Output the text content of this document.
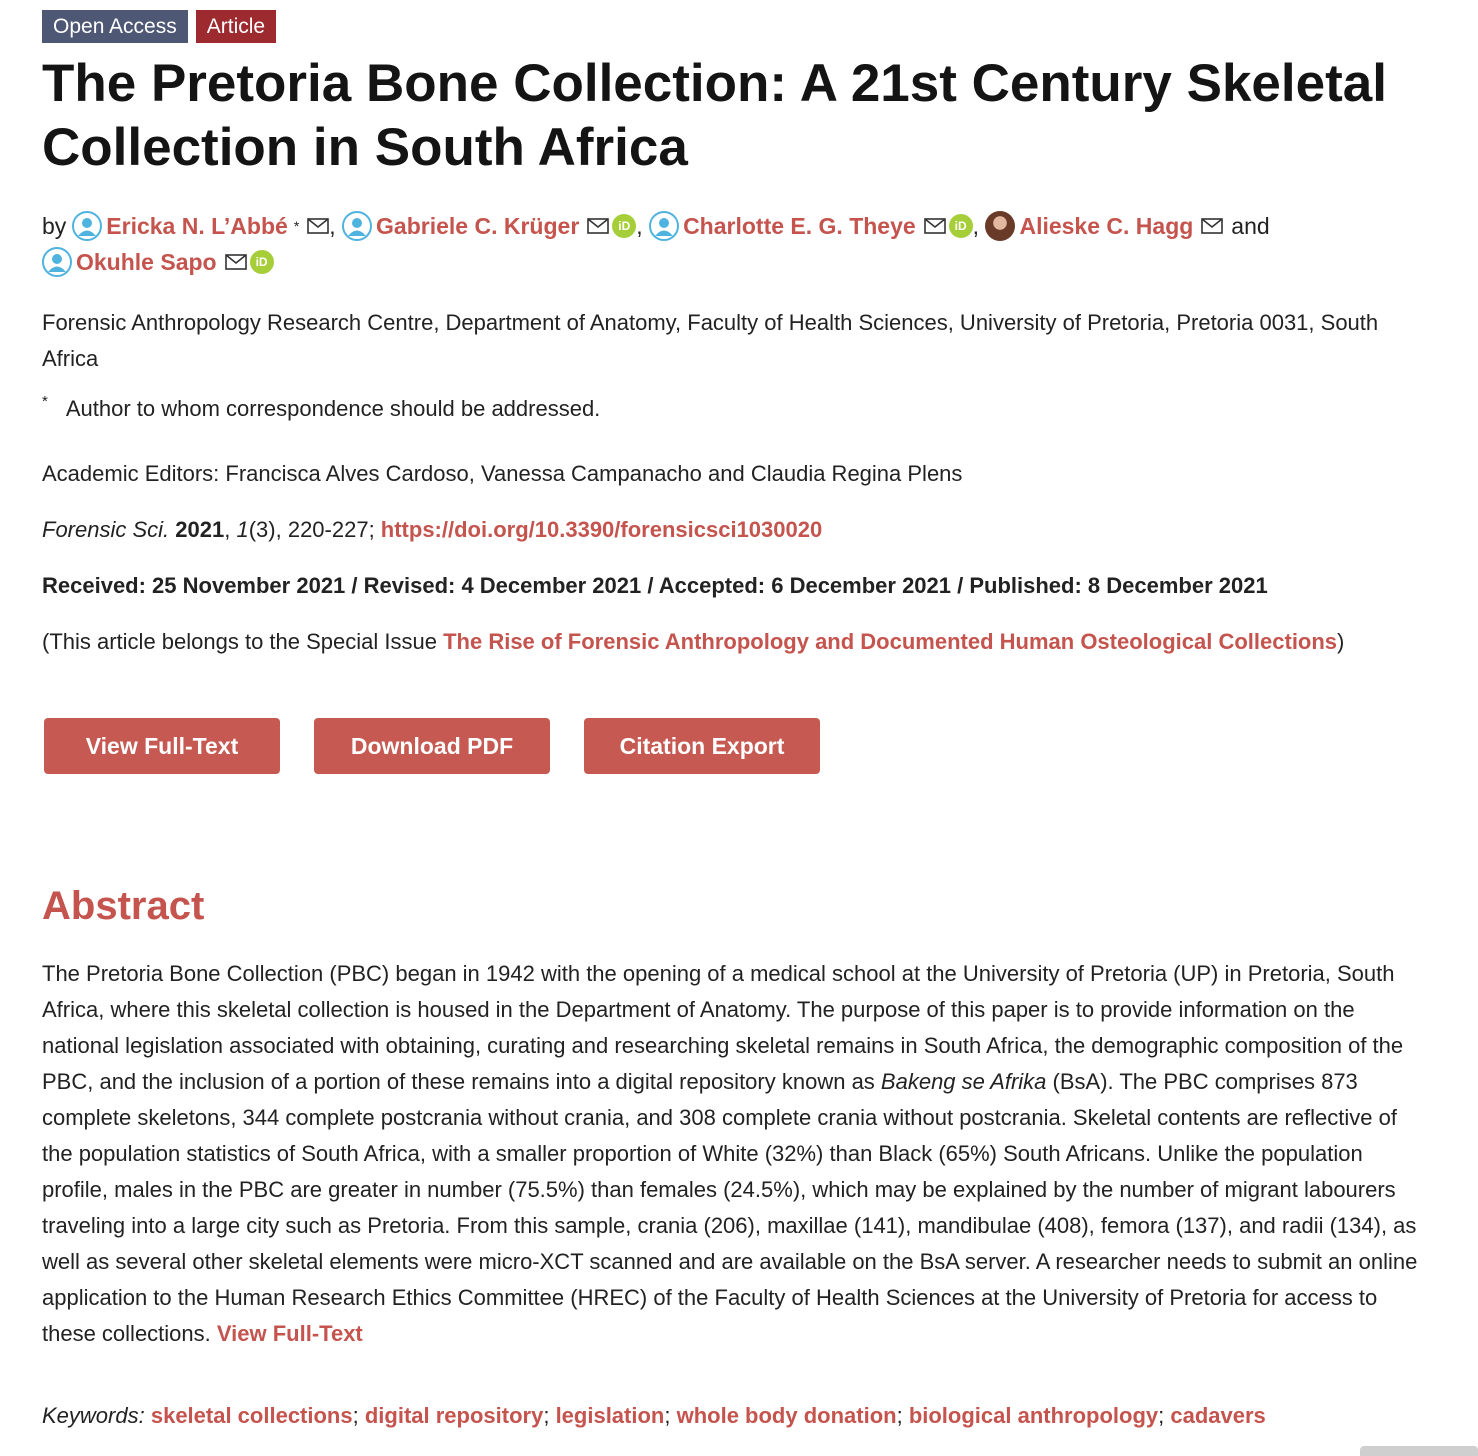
Open Access	Article
The Pretoria Bone Collection: A 21st Century Skeletal Collection in South Africa
by Ericka N. L’Abbé * , Gabriele C. Krüger	iD , Charlotte E. G. Theye	iD , Alieske C. Hagg and
Okuhle Sapo	iD

Forensic Anthropology Research Centre, Department of Anatomy, Faculty of Health Sciences, University of Pretoria, Pretoria 0031, South Africa

* Author to whom correspondence should be addressed.
Academic Editors: Francisca Alves Cardoso, Vanessa Campanacho and Claudia Regina Plens
Forensic Sci. 2021, 1(3), 220-227; https://doi.org/10.3390/forensicsci1030020
Received: 25 November 2021 / Revised: 4 December 2021 / Accepted: 6 December 2021 / Published: 8 December 2021

(This article belongs to the Special Issue The Rise of Forensic Anthropology and Documented Human Osteological Collections)

View Full-Text	Download PDF	Citation Export
Abstract

The Pretoria Bone Collection (PBC) began in 1942 with the opening of a medical school at the University of Pretoria (UP) in Pretoria, South Africa, where this skeletal collection is housed in the Department of Anatomy. The purpose of this paper is to provide information on the national legislation associated with obtaining, curating and researching skeletal remains in South Africa, the demographic composition of the PBC, and the inclusion of a portion of these remains into a digital repository known as Bakeng se Afrika (BsA). The PBC comprises 873 complete skeletons, 344 complete postcrania without crania, and 308 complete crania without postcrania. Skeletal contents are reflective of the population statistics of South Africa, with a smaller proportion of White (32%) than Black (65%) South Africans. Unlike the population profile, males in the PBC are greater in number (75.5%) than females (24.5%), which may be explained by the number of migrant labourers traveling into a large city such as Pretoria. From this sample, crania (206), maxillae (141), mandibulae (408), femora (137), and radii (134), as well as several other skeletal elements were micro-XCT scanned and are available on the BsA server. A researcher needs to submit an online application to the Human Research Ethics Committee (HREC) of the Faculty of Health Sciences at the University of Pretoria for access to these collections. View Full-Text

Keywords: skeletal collections; digital repository; legislation; whole body donation; biological anthropology; cadavers
